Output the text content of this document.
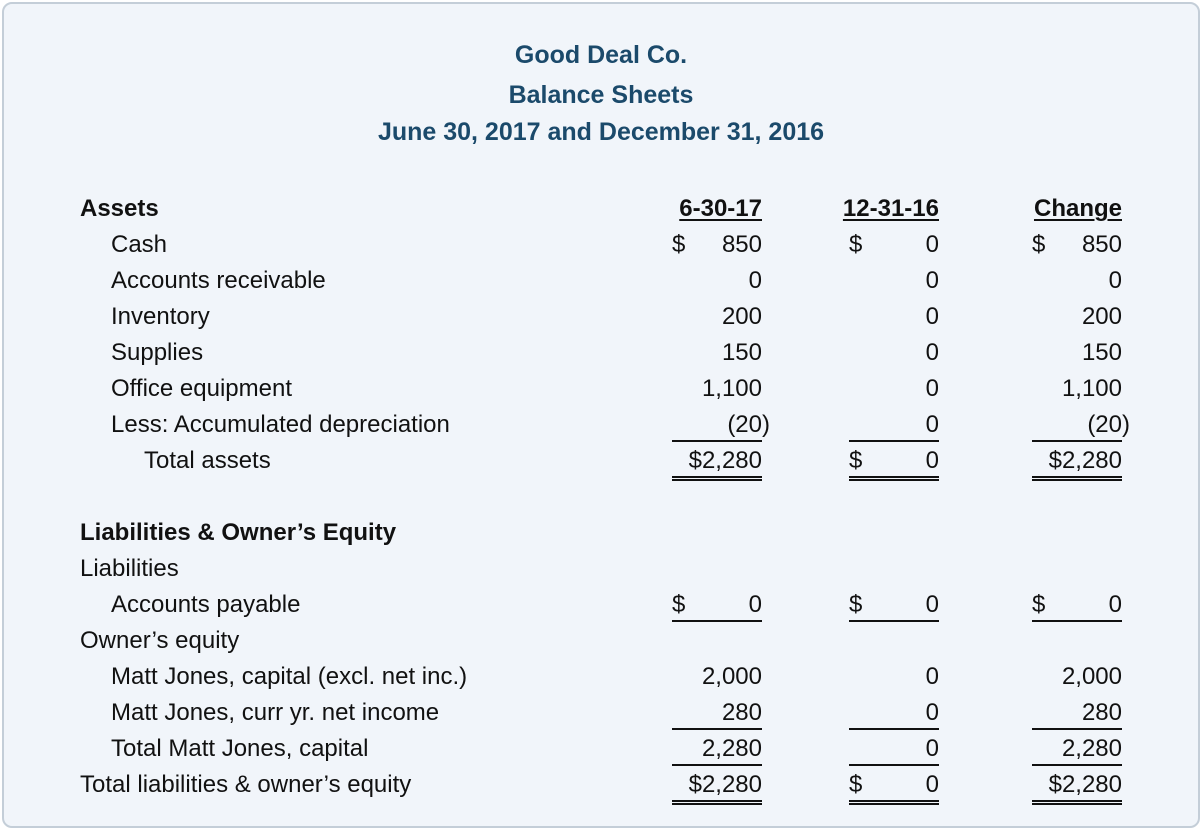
Good Deal Co.
Balance Sheets
June 30, 2017 and December 31, 2016
6-30-17	12-31-16	Change
Assets
Cash	$ 850	$	0	$ 850
Accounts receivable	0	0	0
Inventory	200	0	200
Supplies	150	0	150
Office equipment	1,100	0	1,100
Less: Accumulated depreciation	(20)	0	(20)
Total assets	$2,280	$	0	$2,280
Liabilities & Owner’s Equity
Liabilities
Accounts payable	$	0	$	0	$	0
Owner’s equity
Matt Jones, capital (excl. net inc.)	2,000	0	2,000
Matt Jones, curr yr. net income	280	0	280
Total Matt Jones, capital	2,280	0	2,280
Total liabilities & owner’s equity	$2,280	$	0	$2,280
